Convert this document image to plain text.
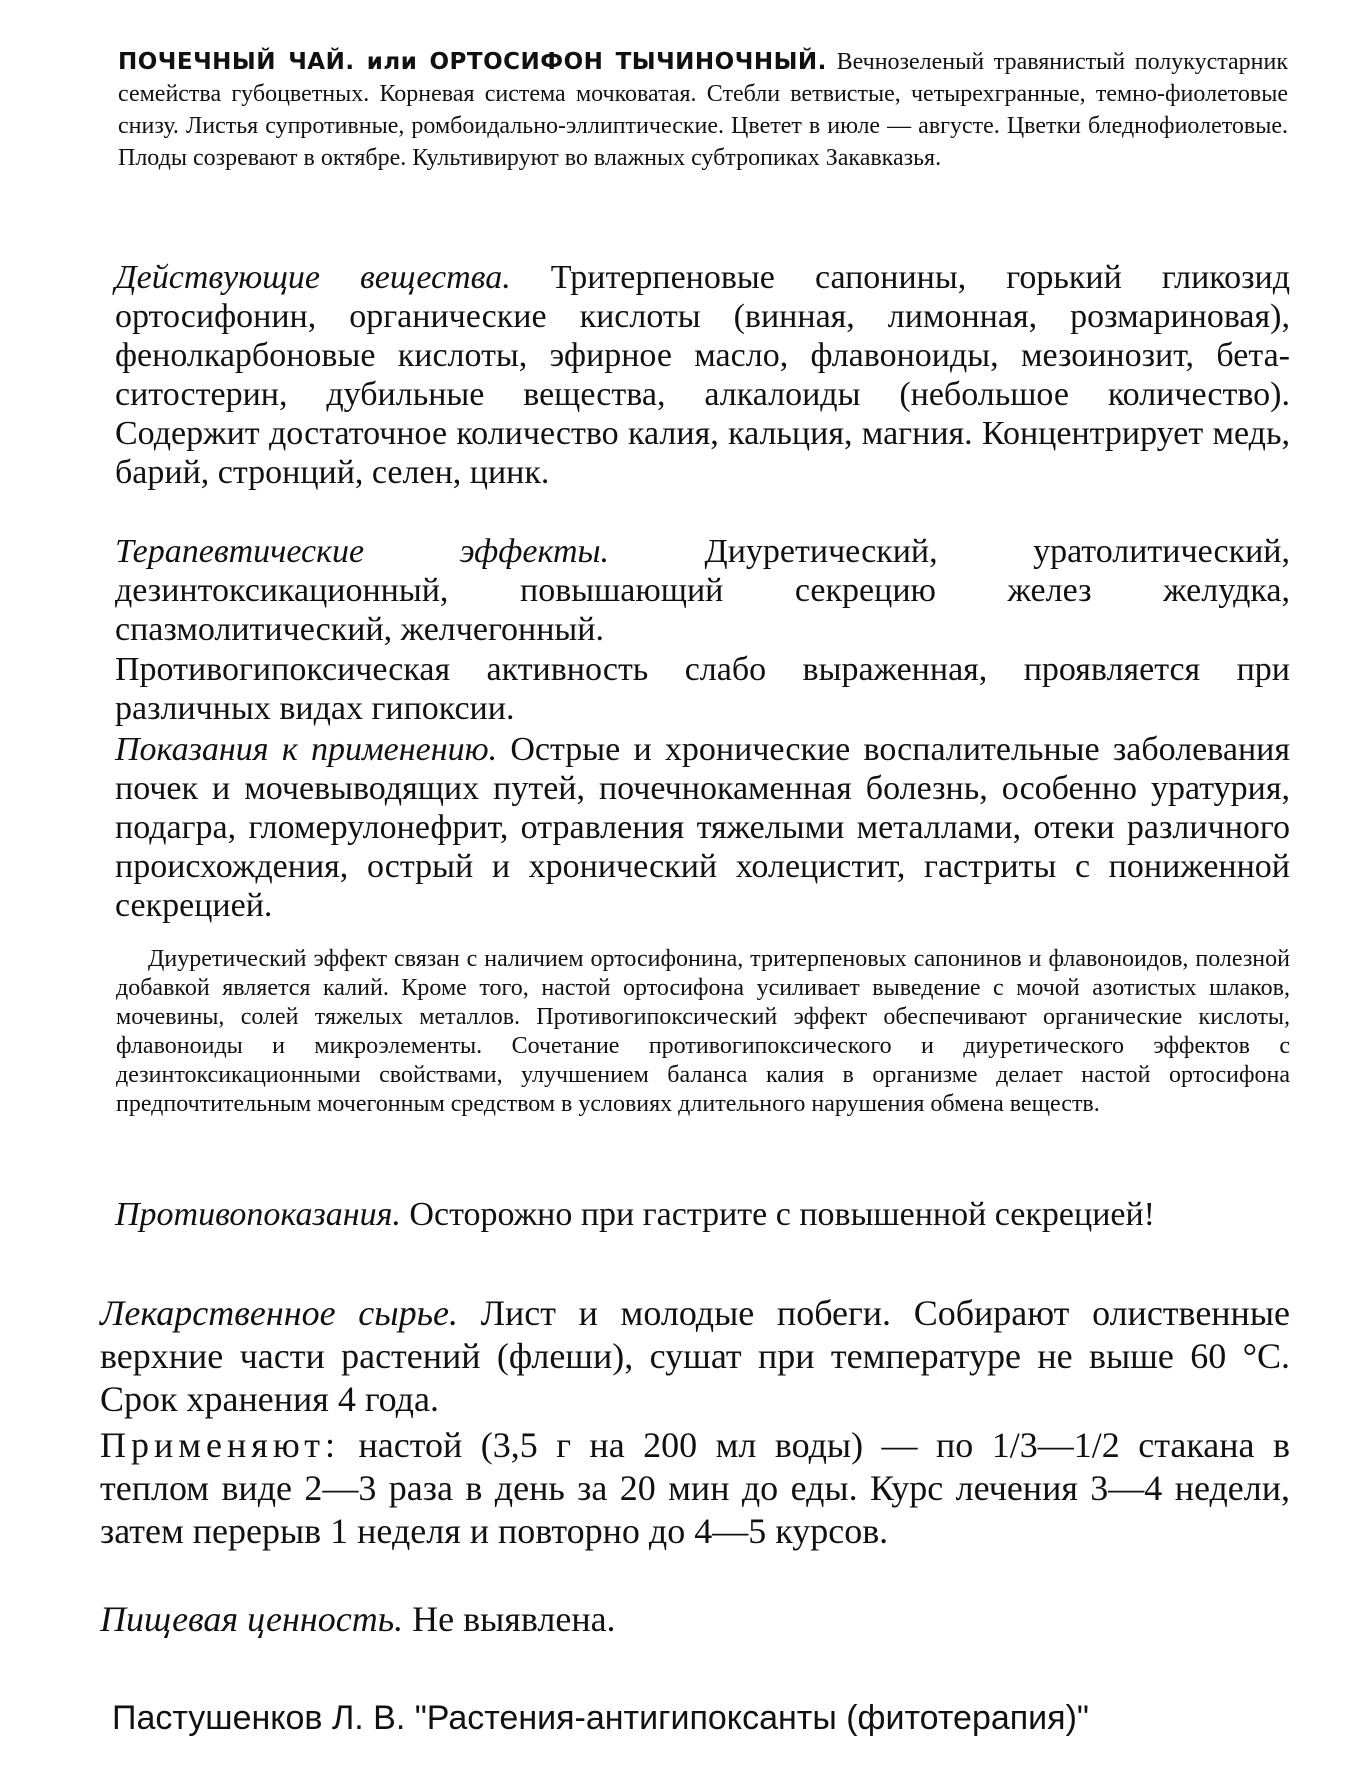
ПОЧЕЧНЫЙ ЧАЙ. или ОРТОСИФОН ТЫЧИНОЧНЫЙ. Вечнозеленый травянистый полукустарник семейства губоцветных. Корневая система мочковатая. Стебли ветвистые, четырехгранные, темно-фиолетовые снизу. Листья супротивные, ромбоидально-эллиптические. Цветет в июле — августе. Цветки бледнофиолетовые. Плоды созревают в октябре. Культивируют во влажных субтропиках Закавказья.

Действующие вещества. Тритерпеновые сапонины, горький гликозид ортосифонин, органические кислоты (винная, лимонная, розмариновая), фенолкарбоновые кислоты, эфирное масло, флавоноиды, мезоинозит, бета-ситостерин, дубильные вещества, алкалоиды (небольшое количество). Содержит достаточное количество калия, кальция, магния. Концентрирует медь, барий, стронций, селен, цинк.

Терапевтические эффекты.	Диуретический, уратолитический, дезинтоксикационный, повышающий секрецию желез желудка, спазмолитический, желчегонный.

Противогипоксическая активность слабо выраженная, проявляется при различных видах гипоксии.

Показания к применению. Острые и хронические воспалительные заболевания почек и мочевыводящих путей, почечнокаменная болезнь, особенно уратурия, подагра, гломерулонефрит, отравления тяжелыми металлами, отеки различного происхождения, острый и хронический холецистит, гастриты с пониженной секрецией.

Диуретический эффект связан с наличием ортосифонина, тритерпеновых сапонинов и флавоноидов, полезной добавкой является калий. Кроме того, настой ортосифона усиливает выведение с мочой азотистых шлаков, мочевины, солей тяжелых металлов. Противогипоксический эффект обеспечивают органические кислоты, флавоноиды и микроэлементы. Сочетание противогипоксического и диуретического эффектов с дезинтоксикационными свойствами, улучшением баланса калия в организме делает настой ортосифона предпочтительным мочегонным средством в условиях длительного нарушения обмена веществ.

Противопоказания. Осторожно при гастрите с повышенной секрецией!

Лекарственное сырье. Лист и молодые побеги. Собирают олиственные верхние части растений (флеши), сушат при температуре не выше 60 °C. Срок хранения 4 года.

Применяют: настой (3,5 г на 200 мл воды) — по 1/3—1/2 стакана в теплом виде 2—3 раза в день за 20 мин до еды. Курс лечения 3—4 недели, затем перерыв 1 неделя и повторно до 4—5 курсов.

Пищевая ценность. Не выявлена.

Пастушенков Л. В. "Растения-антигипоксанты (фитотерапия)"
